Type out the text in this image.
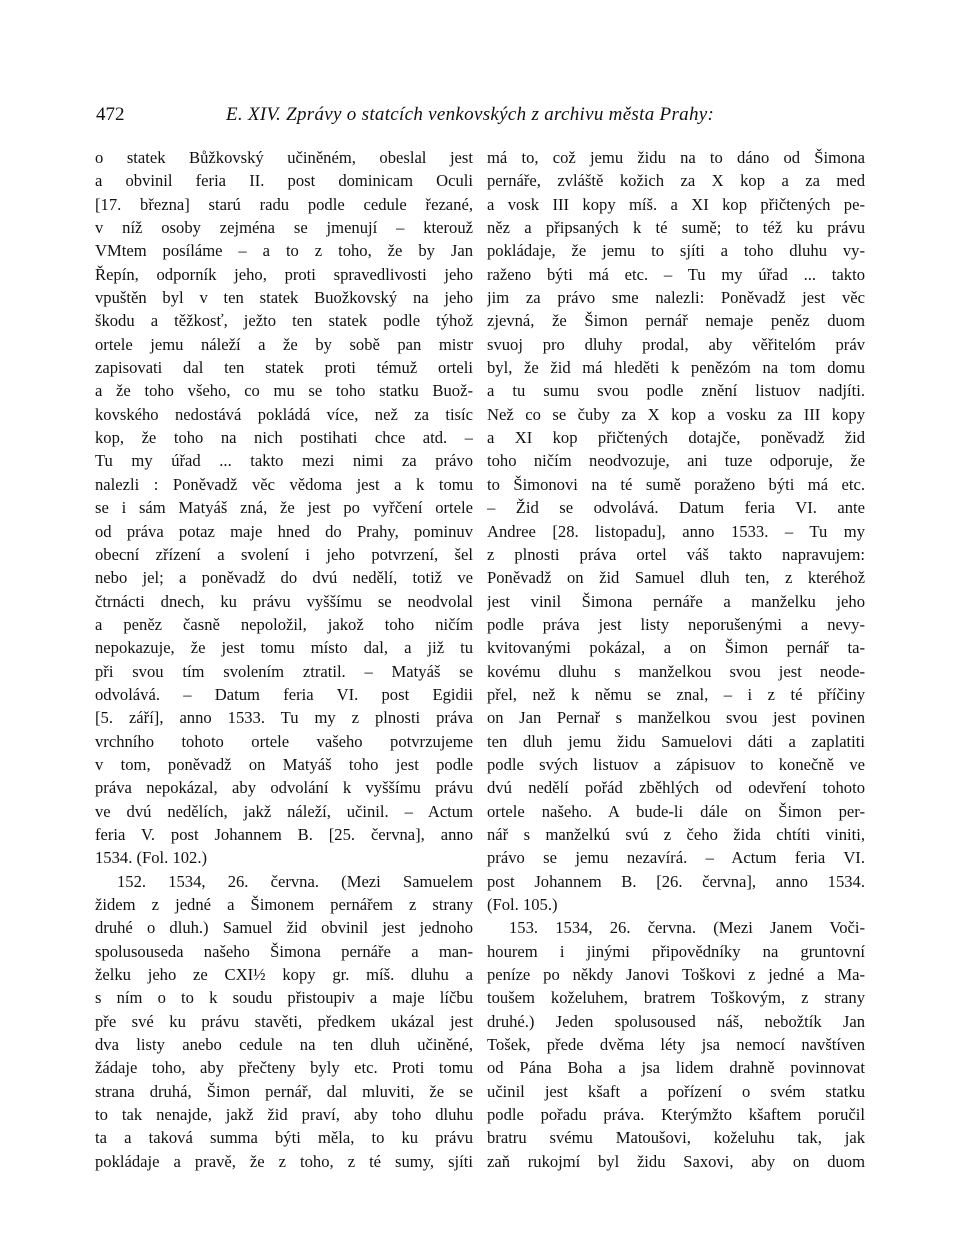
472	E. XIV. Zprávy o statcích venkovských z archivu města Prahy:
o statek Bůžkovský učiněném, obeslal jest
a obvinil feria II. post dominicam Oculi
[17. března] starú radu podle cedule řezané,
v níž osoby zejména se jmenují – kterouž
VMtem posíláme – a to z toho, že by Jan
Řepín, odporník jeho, proti spravedlivosti jeho
vpuštěn byl v ten statek Buožkovský na jeho
škodu a těžkosť, ježto ten statek podle týhož
ortele jemu náleží a že by sobě pan mistr
zapisovati dal ten statek proti témuž orteli
a že toho všeho, co mu se toho statku Buož-
kovského nedostává pokládá více, než za tisíc
kop, že toho na nich postihati chce atd. –
Tu my úřad ... takto mezi nimi za právo
nalezli : Poněvadž věc vědoma jest a k tomu
se i sám Matyáš zná, že jest po vyřčení ortele
od práva potaz maje hned do Prahy, pominuv
obecní zřízení a svolení i jeho potvrzení, šel
nebo jel; a poněvadž do dvú nedělí, totiž ve
čtrnácti dnech, ku právu vyššímu se neodvolal
a peněz časně nepoložil, jakož toho ničím
nepokazuje, že jest tomu místo dal, a již tu
při svou tím svolením ztratil. – Matyáš se
odvolává. – Datum feria VI. post Egidii
[5. září], anno 1533. Tu my z plnosti práva
vrchního tohoto ortele vašeho potvrzujeme
v tom, poněvadž on Matyáš toho jest podle
práva nepokázal, aby odvolání k vyššímu právu
ve dvú nedělích, jakž náleží, učinil. – Actum
feria V. post Johannem B. [25. června], anno
1534. (Fol. 102.)
152. 1534, 26. června. (Mezi Samuelem
židem z jedné a Šimonem pernářem z strany
druhé o dluh.) Samuel žid obvinil jest jednoho
spolusouseda našeho Šimona pernáře a man-
želku jeho ze CXI½ kopy gr. míš. dluhu a
s ním o to k soudu přistoupiv a maje líčbu
pře své ku právu stavěti, předkem ukázal jest
dva listy anebo cedule na ten dluh učiněné,
žádaje toho, aby přečteny byly etc. Proti tomu
strana druhá, Šimon pernář, dal mluviti, že se
to tak nenajde, jakž žid praví, aby toho dluhu
ta a taková summa býti měla, to ku právu
pokládaje a pravě, že z toho, z té sumy, sjíti
má to, což jemu židu na to dáno od Šimona
pernáře, zvláště kožich za X kop a za med
a vosk III kopy míš. a XI kop přičtených pe-
něz a připsaných k té sumě; to též ku právu
pokládaje, že jemu to sjíti a toho dluhu vy-
raženo býti má etc. – Tu my úřad ... takto
jim za právo sme nalezli: Poněvadž jest věc
zjevná, že Šimon pernář nemaje peněz duom
svuoj pro dluhy prodal, aby věřitelóm práv
byl, že žid má hleděti k penězóm na tom domu
a tu sumu svou podle znění listuov nadjíti.
Než co se čuby za X kop a vosku za III kopy
a XI kop přičtených dotajče, poněvadž žid
toho ničím neodvozuje, ani tuze odporuje, že
to Šimonovi na té sumě poraženo býti má etc.
– Žid se odvolává. Datum feria VI. ante
Andree [28. listopadu], anno 1533. – Tu my
z plnosti práva ortel váš takto napravujem:
Poněvadž on žid Samuel dluh ten, z kteréhož
jest vinil Šimona pernáře a manželku jeho
podle práva jest listy neporušenými a nevy-
kvitovanými pokázal, a on Šimon pernář ta-
kovému dluhu s manželkou svou jest neode-
přel, než k němu se znal, – i z té příčiny
on Jan Pernař s manželkou svou jest povinen
ten dluh jemu židu Samuelovi dáti a zaplatiti
podle svých listuov a zápisuov to konečně ve
dvú nedělí pořád zběhlých od odevření tohoto
ortele našeho. A bude-li dále on Šimon per-
nář s manželkú svú z čeho žida chtíti viniti,
právo se jemu nezavírá. – Actum feria VI.
post Johannem B. [26. června], anno 1534.
(Fol. 105.)
153. 1534, 26. června. (Mezi Janem Voči-
hourem i jinými připovědníky na gruntovní
peníze po někdy Janovi Toškovi z jedné a Ma-
toušem koželuhem, bratrem Toškovým, z strany
druhé.) Jeden spolusoused náš, nebožtík Jan
Tošek, přede dvěma léty jsa nemocí navštíven
od Pána Boha a jsa lidem drahně povinnovat
učinil jest kšaft a pořízení o svém statku
podle pořadu práva. Kterýmžto kšaftem poručil
bratru svému Matoušovi, koželuhu tak, jak
zaň rukojmí byl židu Saxovi, aby on duom
